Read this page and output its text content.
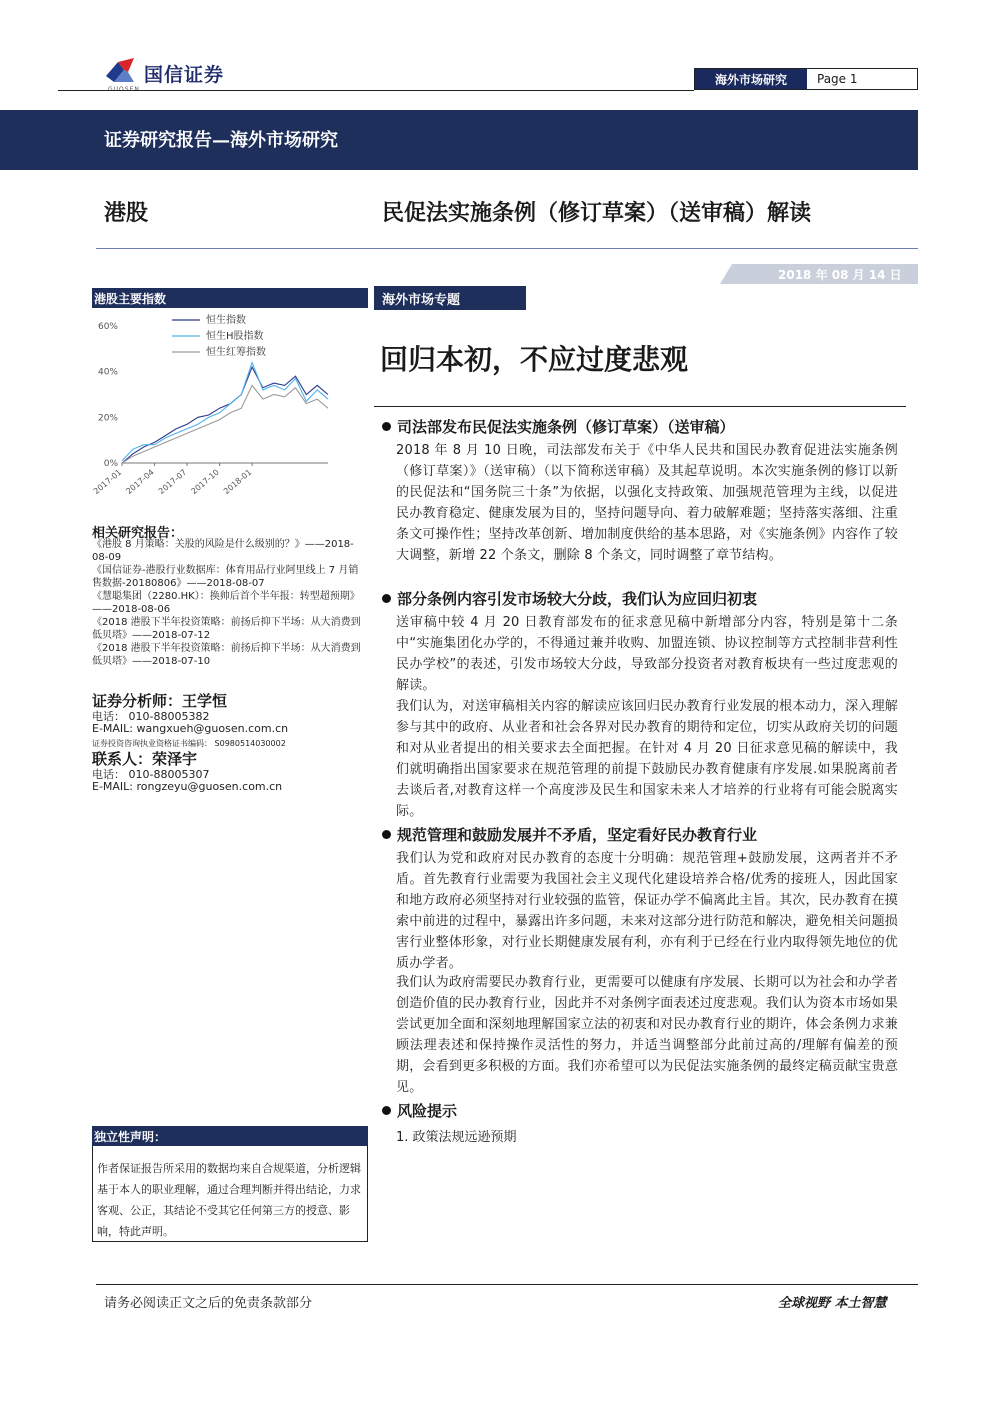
国信证券	海外市场研究	Page 1
证券研究报告—海外市场研究
港股	民促法实施条例（修订草案）（送审稿）解读
2018 年 08 月 14 日
港股主要指数
0%
20%
40%
60%
2017-01 2017-04 2017-07 2017-10 2018-01
恒生指数
恒生H股指数
恒生红筹指数
相关研究报告：
《港股 8 月策略：关股的风险是什么级别的？》——2018-08-09
《国信证券-港股行业数据库：体育用品行业阿里线上 7 月销售数据-20180806》——2018-08-07
《慧聪集团（2280.HK）：换帅后首个半年报：转型超预期》——2018-08-06
《2018 港股下半年投资策略：前扬后抑下半场：从大消费到低贝塔》——2018-07-12
《2018 港股下半年投资策略：前扬后抑下半场：从大消费到低贝塔》——2018-07-10
证券分析师：王学恒
电话： 010-88005382
E-MAIL: wangxueh@guosen.com.cn
证券投资咨询执业资格证书编码： S0980514030002
联系人：荣泽宇
电话： 010-88005307
E-MAIL: rongzeyu@guosen.com.cn
独立性声明：
作者保证报告所采用的数据均来自合规渠道，分析逻辑基于本人的职业理解，通过合理判断并得出结论，力求客观、公正，其结论不受其它任何第三方的授意、影响，特此声明。
海外市场专题
回归本初，不应过度悲观
司法部发布民促法实施条例（修订草案）（送审稿）
2018 年 8 月 10 日晚，司法部发布关于《中华人民共和国民办教育促进法实施条例（修订草案）》（送审稿）（以下简称送审稿）及其起草说明。本次实施条例的修订以新的民促法和“国务院三十条”为依据，以强化支持政策、加强规范管理为主线，以促进民办教育稳定、健康发展为目的，坚持问题导向、着力破解难题；坚持落实落细、注重条文可操作性；坚持改革创新、增加制度供给的基本思路，对《实施条例》内容作了较大调整，新增 22 个条文，删除 8 个条文，同时调整了章节结构。
部分条例内容引发市场较大分歧，我们认为应回归初衷
送审稿中较 4 月 20 日教育部发布的征求意见稿中新增部分内容，特别是第十二条中“实施集团化办学的，不得通过兼并收购、加盟连锁、协议控制等方式控制非营利性民办学校”的表述，引发市场较大分歧，导致部分投资者对教育板块有一些过度悲观的解读。
我们认为，对送审稿相关内容的解读应该回归民办教育行业发展的根本动力，深入理解参与其中的政府、从业者和社会各界对民办教育的期待和定位，切实从政府关切的问题和对从业者提出的相关要求去全面把握。在针对 4 月 20 日征求意见稿的解读中，我们就明确指出国家要求在规范管理的前提下鼓励民办教育健康有序发展.如果脱离前者去谈后者,对教育这样一个高度涉及民生和国家未来人才培养的行业将有可能会脱离实际。
规范管理和鼓励发展并不矛盾，坚定看好民办教育行业
我们认为党和政府对民办教育的态度十分明确：规范管理+鼓励发展，这两者并不矛盾。首先教育行业需要为我国社会主义现代化建设培养合格/优秀的接班人，因此国家和地方政府必须坚持对行业较强的监管，保证办学不偏离此主旨。其次，民办教育在摸索中前进的过程中，暴露出许多问题，未来对这部分进行防范和解决，避免相关问题损害行业整体形象，对行业长期健康发展有利，亦有利于已经在行业内取得领先地位的优质办学者。
我们认为政府需要民办教育行业，更需要可以健康有序发展、长期可以为社会和办学者创造价值的民办教育行业，因此并不对条例字面表述过度悲观。我们认为资本市场如果尝试更加全面和深刻地理解国家立法的初衷和对民办教育行业的期许，体会条例力求兼顾法理表述和保持操作灵活性的努力，并适当调整部分此前过高的/理解有偏差的预期，会看到更多积极的方面。我们亦希望可以为民促法实施条例的最终定稿贡献宝贵意见。
风险提示
1. 政策法规远逊预期
请务必阅读正文之后的免责条款部分	全球视野 本土智慧
